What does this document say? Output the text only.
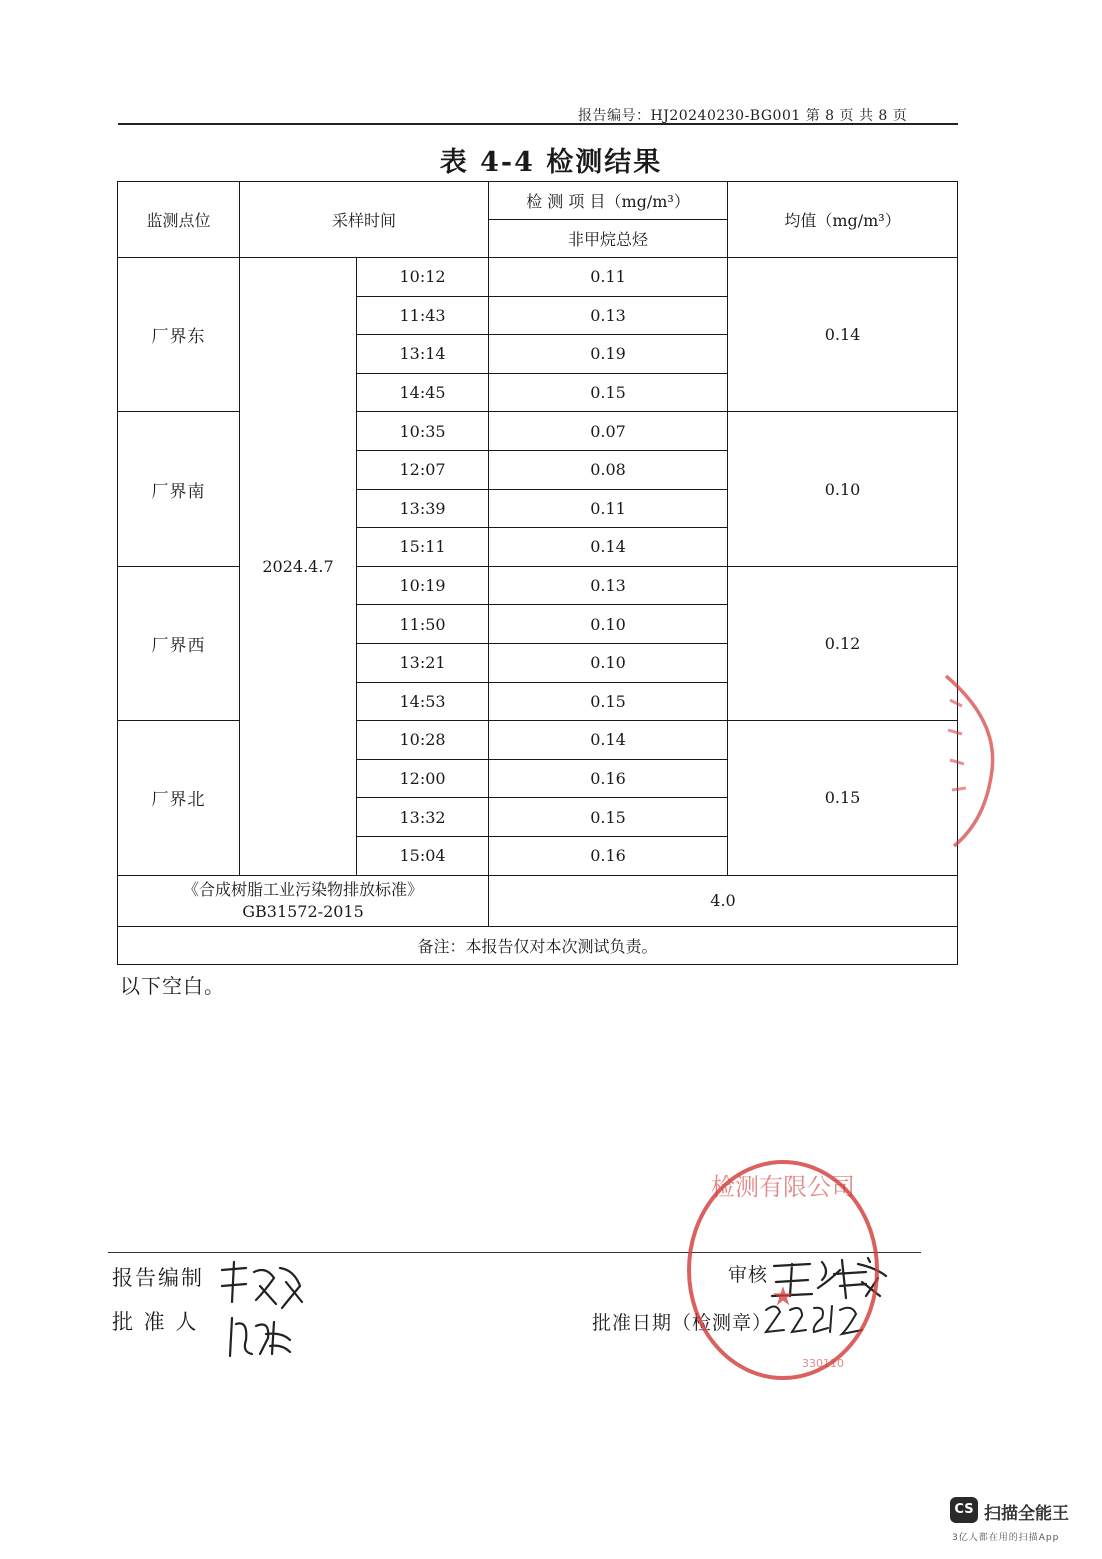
报告编号：HJ20240230-BG001 第 8 页 共 8 页
表 4-4 检测结果
监测点位	采样时间		检 测 项 目（mg/m³）	均值（mg/m³）
			非甲烷总烃	
厂界东	2024.4.7	10:12	0.11	0.14
		11:43	0.13	
		13:14	0.19	
		14:45	0.15	
厂界南		10:35	0.07	0.10
		12:07	0.08	
		13:39	0.11	
		15:11	0.14	
厂界西		10:19	0.13	0.12
		11:50	0.10	
		13:21	0.10	
		14:53	0.15	
厂界北		10:28	0.14	0.15
		12:00	0.16	
		13:32	0.15	
		15:04	0.16	

《合成树脂工业污染物排放标准》
GB31572-2015			4.0	
备注：本报告仅对本次测试负责。				
以下空白。
报告编制
批 准 人
审核
批准日期（检测章）
★
检测有限公司
330110
CS 扫描全能王
3亿人都在用的扫描App
